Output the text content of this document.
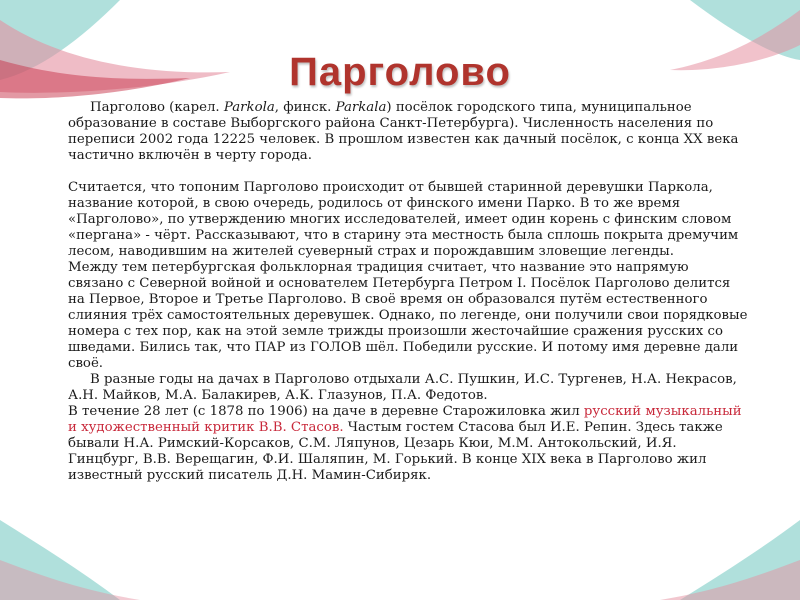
Парголово

Парголово (карел. Parkola, финск. Parkala) посёлок городского типа, муниципальное образование в составе Выборгского района Санкт-Петербурга). Численность населения по переписи 2002 года 12225 человек. В прошлом известен как дачный посёлок, с конца XX века частично включён в черту города.

Считается, что топоним Парголово происходит от бывшей старинной деревушки Паркола, название которой, в свою очередь, родилось от финского имени Парко. В то же время «Парголово», по утверждению многих исследователей, имеет один корень с финским словом «пергана» - чёрт. Рассказывают, что в старину эта местность была сплошь покрыта дремучим лесом, наводившим на жителей суеверный страх и порождавшим зловещие легенды.

Между тем петербургская фольклорная традиция считает, что название это напрямую связано с Северной войной и основателем Петербурга Петром I. Посёлок Парголово делится на Первое, Второе и Третье Парголово. В своё время он образовался путём естественного слияния трёх самостоятельных деревушек. Однако, по легенде, они получили свои порядковые номера с тех пор, как на этой земле трижды произошли жесточайшие сражения русских со шведами. Бились так, что ПАР из ГОЛОВ шёл. Победили русские. И потому имя деревне дали своё.

В разные годы на дачах в Парголово отдыхали А.С. Пушкин, И.С. Тургенев, Н.А. Некрасов, А.Н. Майков, М.А. Балакирев, А.К. Глазунов, П.А. Федотов.

В течение 28 лет (с 1878 по 1906) на даче в деревне Старожиловка жил русский музыкальный и художественный критик В.В. Стасов. Частым гостем Стасова был И.Е. Репин. Здесь также бывали Н.А. Римский-Корсаков, С.М. Ляпунов, Цезарь Кюи, М.М. Антокольский, И.Я. Гинцбург, В.В. Верещагин, Ф.И. Шаляпин, М. Горький. В конце XIX века в Парголово жил известный русский писатель Д.Н. Мамин-Сибиряк.
